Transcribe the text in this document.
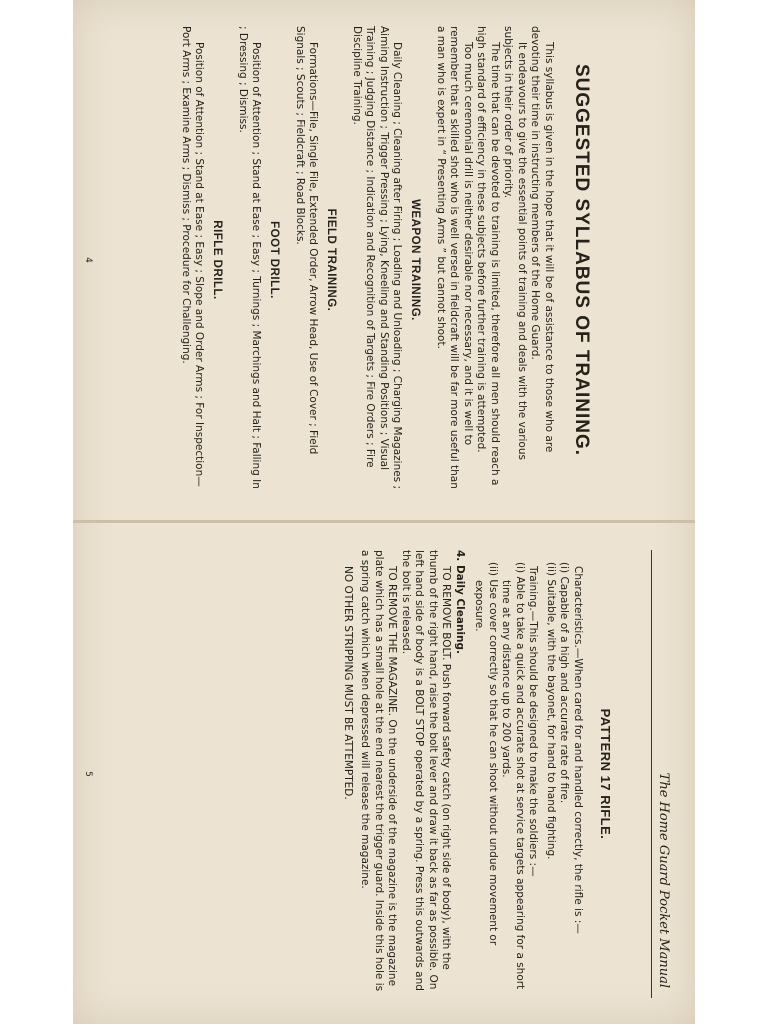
SUGGESTED SYLLABUS OF TRAINING.

This syllabus is given in the hope that it will be of assistance to those who are devoting their time in instructing members of the Home Guard.

It endeavours to give the essential points of training and deals with the various subjects in their order of priority.

The time that can be devoted to training is limited, therefore all men should reach a high standard of efficiency in these subjects before further training is attempted.

Too much ceremonial drill is neither desirable nor necessary, and it is well to remember that a skilled shot who is well versed in fieldcraft will be far more useful than a man who is expert in “ Presenting Arms ” but cannot shoot.

WEAPON TRAINING.

Daily Cleaning ; Cleaning after Firing ; Loading and Unloading ; Charging Magazines ; Aiming Instruction ; Trigger Pressing ; Lying, Kneeling and Standing Positions ; Visual Training ; Judging Distance ; Indication and Recognition of Targets ; Fire Orders ; Fire Discipline Training.

FIELD TRAINING.

Formations—File, Single File, Extended Order, Arrow Head, Use of Cover ; Field Signals ; Scouts ; Fieldcraft ; Road Blocks.

FOOT DRILL.

Position of Attention ; Stand at Ease ; Easy ; Turnings ; Marchings and Halt ; Falling In ; Dressing ; Dismiss.

RIFLE DRILL.

Position of Attention ; Stand at Ease ; Easy ; Slope and Order Arms ; For Inspection—Port Arms ; Examine Arms ; Dismiss ; Procedure for Challenging.

4
The Home Guard Pocket Manual
PATTERN 17 RIFLE.

Characteristics.—When cared for and handled correctly, the rifle is :—

(i) Capable of a high and accurate rate of fire.

(ii) Suitable, with the bayonet, for hand to hand fighting.

Training.—This should be designed to make the soldiers :—

(i) Able to take a quick and accurate shot at service targets appearing for a short time at any distance up to 200 yards.

(ii) Use cover correctly so that he can shoot without undue movement or exposure.

4. Daily Cleaning.

TO REMOVE BOLT. Push forward safety catch (on right side of body), with the thumb of the right hand, raise the bolt lever and draw it back as far as possible. On left hand side of body is a BOLT STOP operated by a spring. Press this outwards and the bolt is released.

TO REMOVE THE MAGAZINE. On the underside of the magazine is the magazine plate which has a small hole at the end nearest the trigger guard. Inside this hole is a spring catch which when depressed will release the magazine.

NO OTHER STRIPPING MUST BE ATTEMPTED.

5
